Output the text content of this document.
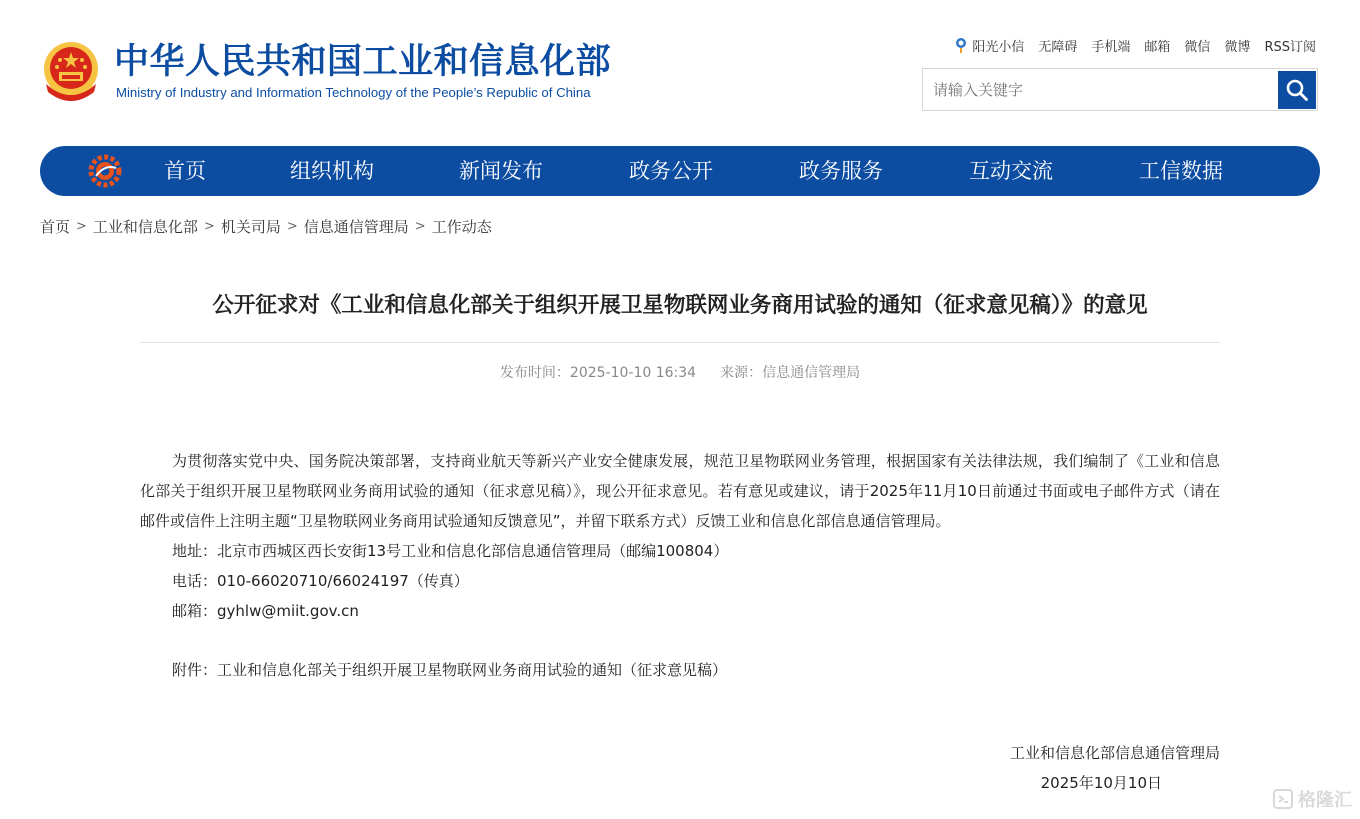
中华人民共和国工业和信息化部
Ministry of Industry and Information Technology of the People’s Republic of China
阳光小信 无障碍 手机端 邮箱 微信 微博 RSS订阅
请输入关键字
首页	组织机构	新闻发布	政务公开	政务服务	互动交流	工信数据
首页 > 工业和信息化部 > 机关司局 > 信息通信管理局 > 工作动态
公开征求对《工业和信息化部关于组织开展卫星物联网业务商用试验的通知（征求意见稿）》的意见
发布时间：2025-10-10 16:34 来源：信息通信管理局

为贯彻落实党中央、国务院决策部署，支持商业航天等新兴产业安全健康发展，规范卫星物联网业务管理，根据国家有关法律法规，我们编制了《工业和信息化部关于组织开展卫星物联网业务商用试验的通知（征求意见稿）》，现公开征求意见。若有意见或建议，请于2025年11月10日前通过书面或电子邮件方式（请在邮件或信件上注明主题“卫星物联网业务商用试验通知反馈意见”，并留下联系方式）反馈工业和信息化部信息通信管理局。

地址：北京市西城区西长安街13号工业和信息化部信息通信管理局（邮编100804）

电话：010-66020710/66024197（传真）

邮箱：gyhlw@miit.gov.cn

附件：工业和信息化部关于组织开展卫星物联网业务商用试验的通知（征求意见稿）

工业和信息化部信息通信管理局
2025年10月10日
格隆汇
